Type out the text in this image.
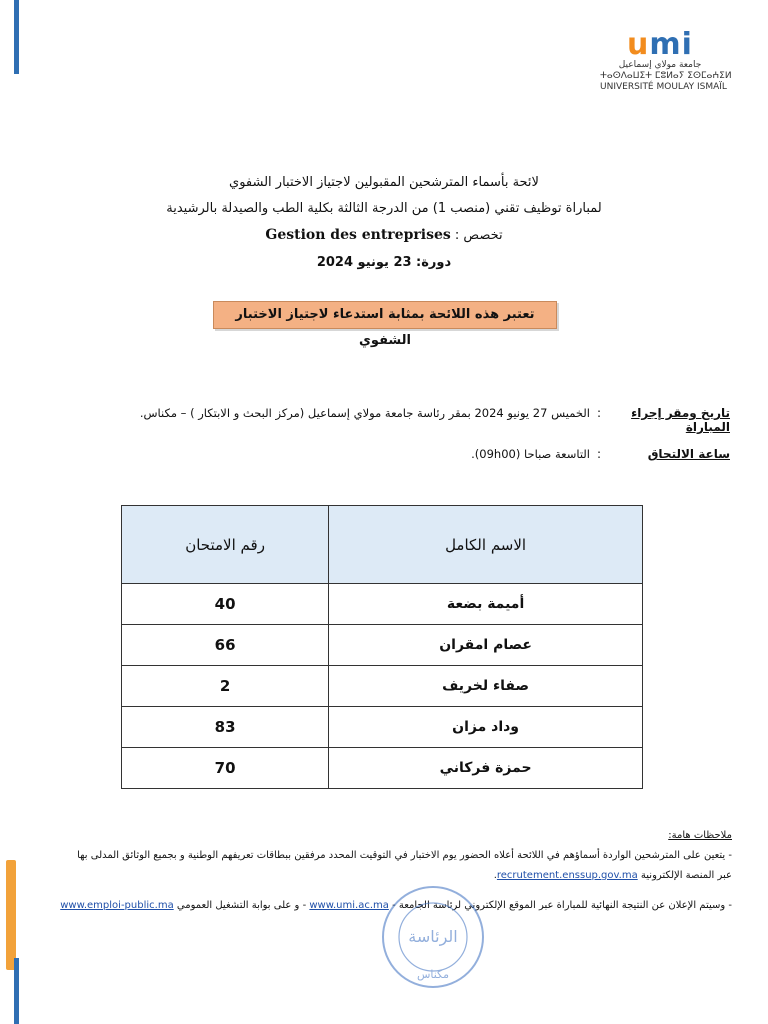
umi
جامعة مولاي إسماعيل
ⵜⴰⵙⴷⴰⵡⵉⵜ ⵎⵓⵍⴰⵢ ⵉⵙⵎⴰⵄⵉⵍ
UNIVERSITÉ MOULAY ISMAÏL
لائحة بأسماء المترشحين المقبولين لاجتياز الاختبار الشفوي
لمباراة توظيف تقني (منصب 1) من الدرجة الثالثة بكلية الطب والصيدلة بالرشيدية
تخصص : Gestion des entreprises
دورة: 23 يونيو 2024
تعتبر هذه اللائحة بمثابة استدعاء لاجتياز الاختبار الشفوي
تاريخ ومقر إجراء المباراة
:
الخميس 27 يونيو 2024 بمقر رئاسة جامعة مولاي إسماعيل (مركز البحث و الابتكار ) – مكناس.
ساعة الالتحاق
:
التاسعة صباحا (09h00).
الاسم الكامل	رقم الامتحان
أميمة بضعة	40
عصام امقران	66
صفاء لخريف	2
وداد مزان	83
حمزة فركاني	70
ملاحظات هامة:
- يتعين على المترشحين الواردة أسماؤهم في اللائحة أعلاه الحضور يوم الاختبار في التوقيت المحدد مرفقين ببطاقات تعريفهم الوطنية و بجميع الوثائق المدلى بها عبر المنصة الإلكترونية recrutement.enssup.gov.ma.
- وسيتم الإعلان عن النتيجة النهائية للمباراة عبر الموقع الإلكتروني لرئاسة الجامعة - www.umi.ac.ma - و على بوابة التشغيل العمومي www.emploi-public.ma
الرئاسة
مكناس
